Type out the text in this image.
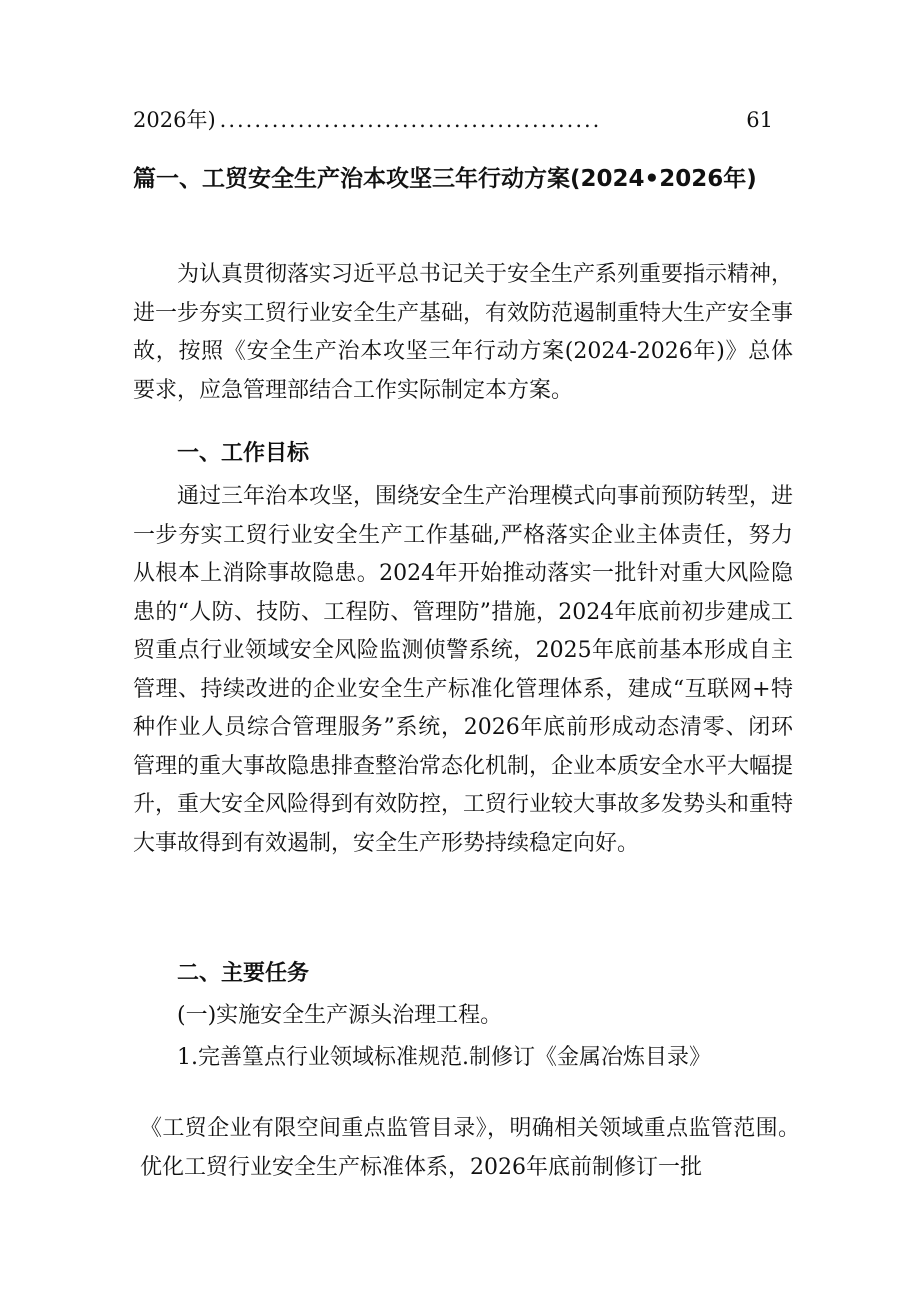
2026年) ............................................	61
篇一、工贸安全生产治本攻坚三年行动方案(2024•2026年)

为认真贯彻落实习近平总书记关于安全生产系列重要指示精神，进一步夯实工贸行业安全生产基础，有效防范遏制重特大生产安全事故，按照《安全生产治本攻坚三年行动方案(2024-2026年)》总体要求，应急管理部结合工作实际制定本方案。

一、工作目标

通过三年治本攻坚，围绕安全生产治理模式向事前预防转型，进一步夯实工贸行业安全生产工作基础,严格落实企业主体责任，努力从根本上消除事故隐患。2024年开始推动落实一批针对重大风险隐患的“人防、技防、工程防、管理防”措施，2024年底前初步建成工贸重点行业领域安全风险监测侦警系统，2025年底前基本形成自主管理、持续改进的企业安全生产标准化管理体系，建成“互联网+特种作业人员综合管理服务”系统，2026年底前形成动态清零、闭环管理的重大事故隐患排查整治常态化机制，企业本质安全水平大幅提升，重大安全风险得到有效防控，工贸行业较大事故多发势头和重特大事故得到有效遏制，安全生产形势持续稳定向好。

二、主要任务
(一)实施安全生产源头治理工程。
1.完善篁点行业领域标准规范.制修订《金属冶炼目录》

《工贸企业有限空间重点监管目录》，明确相关领域重点监管范围。优化工贸行业安全生产标准体系，2026年底前制修订一批
